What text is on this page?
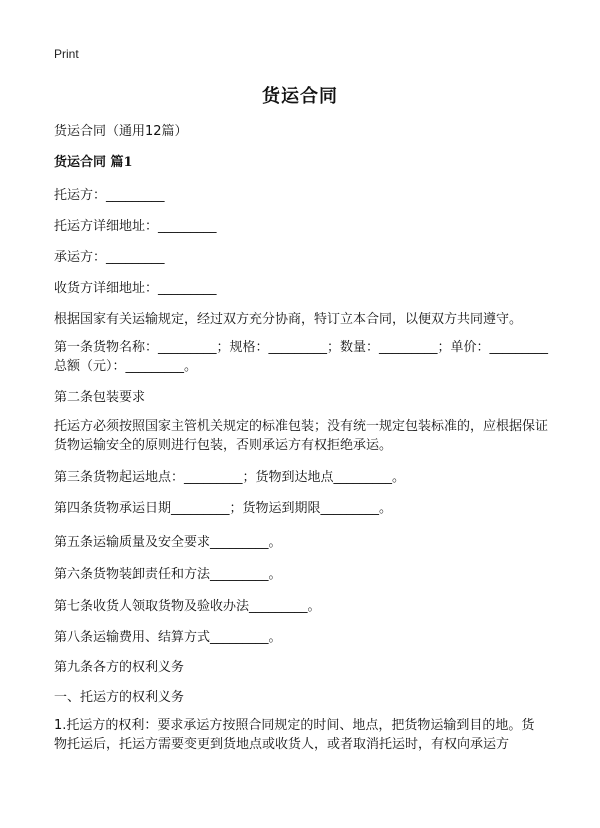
Print
货运合同
货运合同（通用12篇）
货运合同 篇1
托运方：_________
托运方详细地址：_________
承运方：_________
收货方详细地址：_________
根据国家有关运输规定，经过双方充分协商，特订立本合同，以便双方共同遵守。
第一条货物名称：_________；规格：_________；数量：_________；单价：_________总额（元）：_________。
第二条包装要求
托运方必须按照国家主管机关规定的标准包装；没有统一规定包装标准的，应根据保证货物运输安全的原则进行包装，否则承运方有权拒绝承运。
第三条货物起运地点：_________；货物到达地点_________。
第四条货物承运日期_________；货物运到期限_________。
第五条运输质量及安全要求_________。
第六条货物装卸责任和方法_________。
第七条收货人领取货物及验收办法_________。
第八条运输费用、结算方式_________。
第九条各方的权利义务
一、托运方的权利义务
1.托运方的权利：要求承运方按照合同规定的时间、地点，把货物运输到目的地。货物托运后，托运方需要变更到货地点或收货人，或者取消托运时，有权向承运方
